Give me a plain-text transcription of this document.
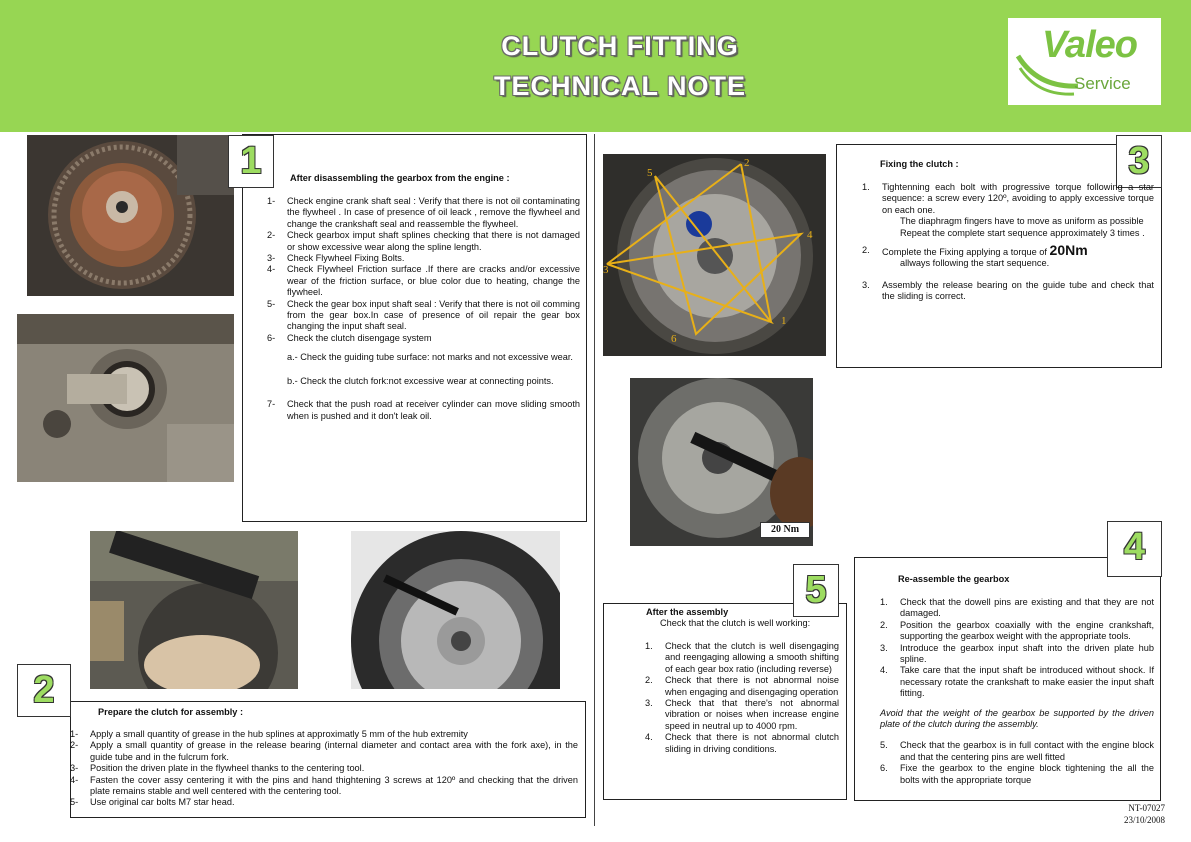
CLUTCH FITTING
TECHNICAL NOTE
Valeo
Service
1
2
3
4
5
6
20 Nm
1	After disassembling the gearbox from the engine :
1- Check engine crank shaft seal : Verify that there is not oil contaminating the flywheel . In case of presence of oil leack , remove the flywheel and change the crankshaft seal and reassemble the flywheel.
2- Check gearbox imput shaft splines checking that there is not damaged or show excessive wear along the spline length.
3- Check Flywheel Fixing Bolts.
4- Check Flywheel Friction surface .If there are cracks and/or excessive wear of the friction surface, or blue color due to heating, change the flywheel.
5- Check the gear box input shaft seal : Verify that there is not oil comming from the gear box.In case of presence of oil repair the gear box changing the input shaft seal.
6- Check the clutch disengage system
a.- Check the guiding tube surface: not marks and not excessive wear.
b.- Check the clutch fork:not excessive wear at connecting points.
7- Check that the push road at receiver cylinder can move sliding smooth when is pushed and it don't leak oil.
2
Prepare the clutch for assembly :
1- Apply a small quantity of grease in the hub splines at approximatly 5 mm of the hub extremity
2- Apply a small quantity of grease in the release bearing (internal diameter and contact area with the fork axe), in the guide tube and in the fulcrum fork.
3- Position the driven plate in the flywheel thanks to the centering tool.
4- Fasten the cover assy centering it with the pins and hand thightening 3 screws at 120º and checking that the driven plate remains stable and well centered with the centering tool.
5- Use original car bolts M7 star head.
3
Fixing the clutch :
1. Tightenning each bolt with progressive torque following a star sequence: a screw every 120º, avoiding to apply excessive torque on each one.
The diaphragm fingers have to move as uniform as possible
Repeat the complete start sequence approximately 3 times .
2. Complete the Fixing applying a torque of 20Nm
allways following the start sequence.
3. Assembly the release bearing on the guide tube and check that the sliding is correct.
5
After the assembly
Check that the clutch is well working:
1. Check that the clutch is well disengaging and reengaging allowing a smooth shifting of each gear box ratio (including reverse)
2. Check that there is not abnormal noise when engaging and disengaging operation
3. Check that that there's not abnormal vibration or noises when increase engine speed in neutral up to 4000 rpm.
4. Check that there is not abnormal clutch sliding in driving conditions.
4
Re-assemble the gearbox
1. Check that the dowell pins are existing and that they are not damaged.
2. Position the gearbox coaxially with the engine crankshaft, supporting the gearbox weight with the appropriate tools.
3. Introduce the gearbox input shaft into the driven plate hub spline.
4. Take care that the input shaft be introduced without shock. If necessary rotate the crankshaft to make easier the input shaft fitting.
Avoid that the weight of the gearbox be supported by the driven plate of the clutch during the assembly.
5. Check that the gearbox is in full contact with the engine block and that the centering pins are well fitted
6. Fixe the gearbox to the engine block tightening the all the bolts with the appropriate torque
NT-07027
23/10/2008
